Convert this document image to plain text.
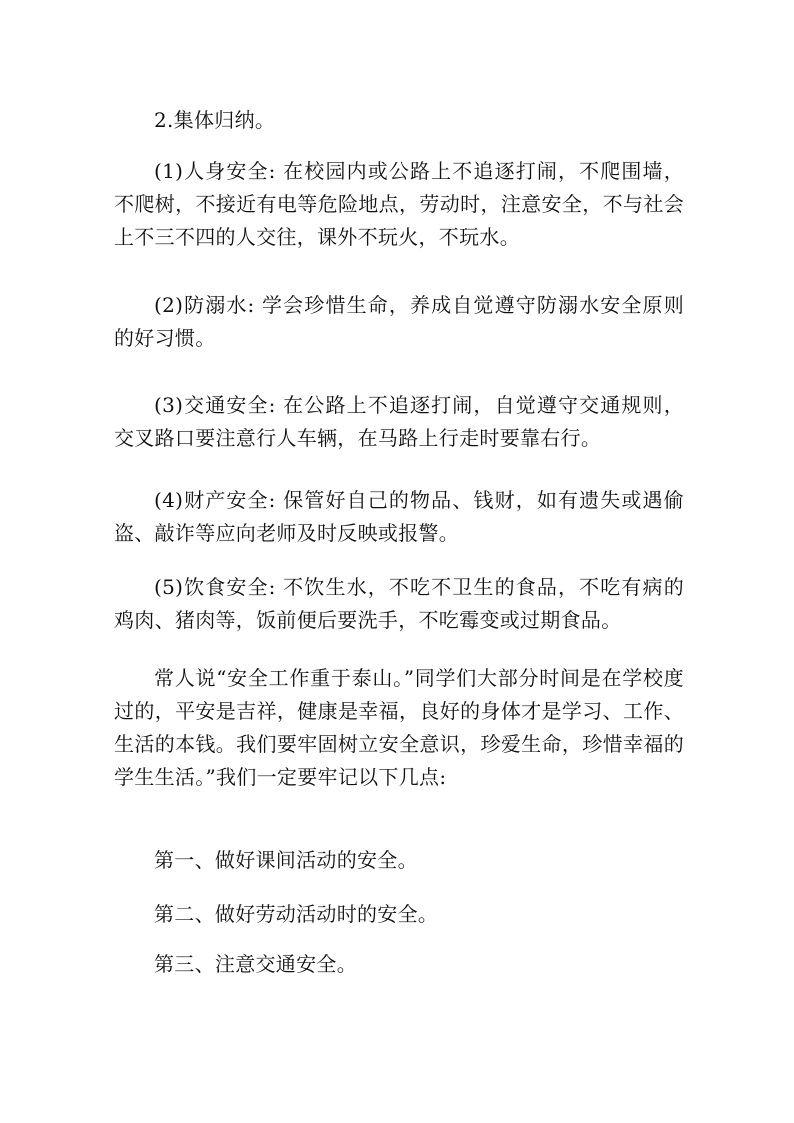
2.集体归纳。

(1)人身安全: 在校园内或公路上不追逐打闹，不爬围墙，不爬树，不接近有电等危险地点，劳动时，注意安全，不与社会上不三不四的人交往，课外不玩火，不玩水。

(2)防溺水: 学会珍惜生命，养成自觉遵守防溺水安全原则的好习惯。

(3)交通安全: 在公路上不追逐打闹，自觉遵守交通规则，交叉路口要注意行人车辆，在马路上行走时要靠右行。

(4)财产安全: 保管好自己的物品、钱财，如有遗失或遇偷盗、敲诈等应向老师及时反映或报警。

(5)饮食安全: 不饮生水，不吃不卫生的食品，不吃有病的鸡肉、猪肉等，饭前便后要洗手，不吃霉变或过期食品。

常人说“安全工作重于泰山。”同学们大部分时间是在学校度过的，平安是吉祥，健康是幸福，良好的身体才是学习、工作、生活的本钱。我们要牢固树立安全意识，珍爱生命，珍惜幸福的学生生活。”我们一定要牢记以下几点:

第一、做好课间活动的安全。

第二、做好劳动活动时的安全。

第三、注意交通安全。
